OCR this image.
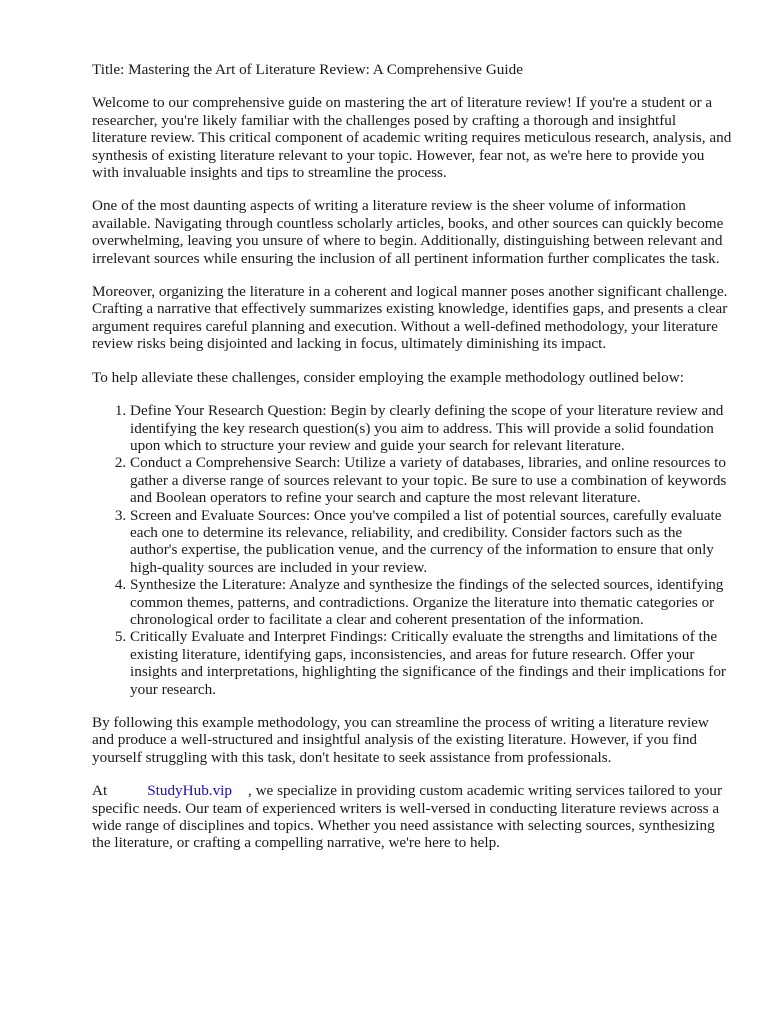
Title: Mastering the Art of Literature Review: A Comprehensive Guide

Welcome to our comprehensive guide on mastering the art of literature review! If you're a student or a researcher, you're likely familiar with the challenges posed by crafting a thorough and insightful literature review. This critical component of academic writing requires meticulous research, analysis, and synthesis of existing literature relevant to your topic. However, fear not, as we're here to provide you with invaluable insights and tips to streamline the process.

One of the most daunting aspects of writing a literature review is the sheer volume of information available. Navigating through countless scholarly articles, books, and other sources can quickly become overwhelming, leaving you unsure of where to begin. Additionally, distinguishing between relevant and irrelevant sources while ensuring the inclusion of all pertinent information further complicates the task.

Moreover, organizing the literature in a coherent and logical manner poses another significant challenge. Crafting a narrative that effectively summarizes existing knowledge, identifies gaps, and presents a clear argument requires careful planning and execution. Without a well-defined methodology, your literature review risks being disjointed and lacking in focus, ultimately diminishing its impact.

To help alleviate these challenges, consider employing the example methodology outlined below:

1. Define Your Research Question: Begin by clearly defining the scope of your literature review and identifying the key research question(s) you aim to address. This will provide a solid foundation upon which to structure your review and guide your search for relevant literature.
2. Conduct a Comprehensive Search: Utilize a variety of databases, libraries, and online resources to gather a diverse range of sources relevant to your topic. Be sure to use a combination of keywords and Boolean operators to refine your search and capture the most relevant literature.
3. Screen and Evaluate Sources: Once you've compiled a list of potential sources, carefully evaluate each one to determine its relevance, reliability, and credibility. Consider factors such as the author's expertise, the publication venue, and the currency of the information to ensure that only high-quality sources are included in your review.
4. Synthesize the Literature: Analyze and synthesize the findings of the selected sources, identifying common themes, patterns, and contradictions. Organize the literature into thematic categories or chronological order to facilitate a clear and coherent presentation of the information.
5. Critically Evaluate and Interpret Findings: Critically evaluate the strengths and limitations of the existing literature, identifying gaps, inconsistencies, and areas for future research. Offer your insights and interpretations, highlighting the significance of the findings and their implications for your research.

By following this example methodology, you can streamline the process of writing a literature review and produce a well-structured and insightful analysis of the existing literature. However, if you find yourself struggling with this task, don't hesitate to seek assistance from professionals.

At	StudyHub.vip , we specialize in providing custom academic writing services tailored to your specific needs. Our team of experienced writers is well-versed in conducting literature reviews across a wide range of disciplines and topics. Whether you need assistance with selecting sources, synthesizing the literature, or crafting a compelling narrative, we're here to help.
